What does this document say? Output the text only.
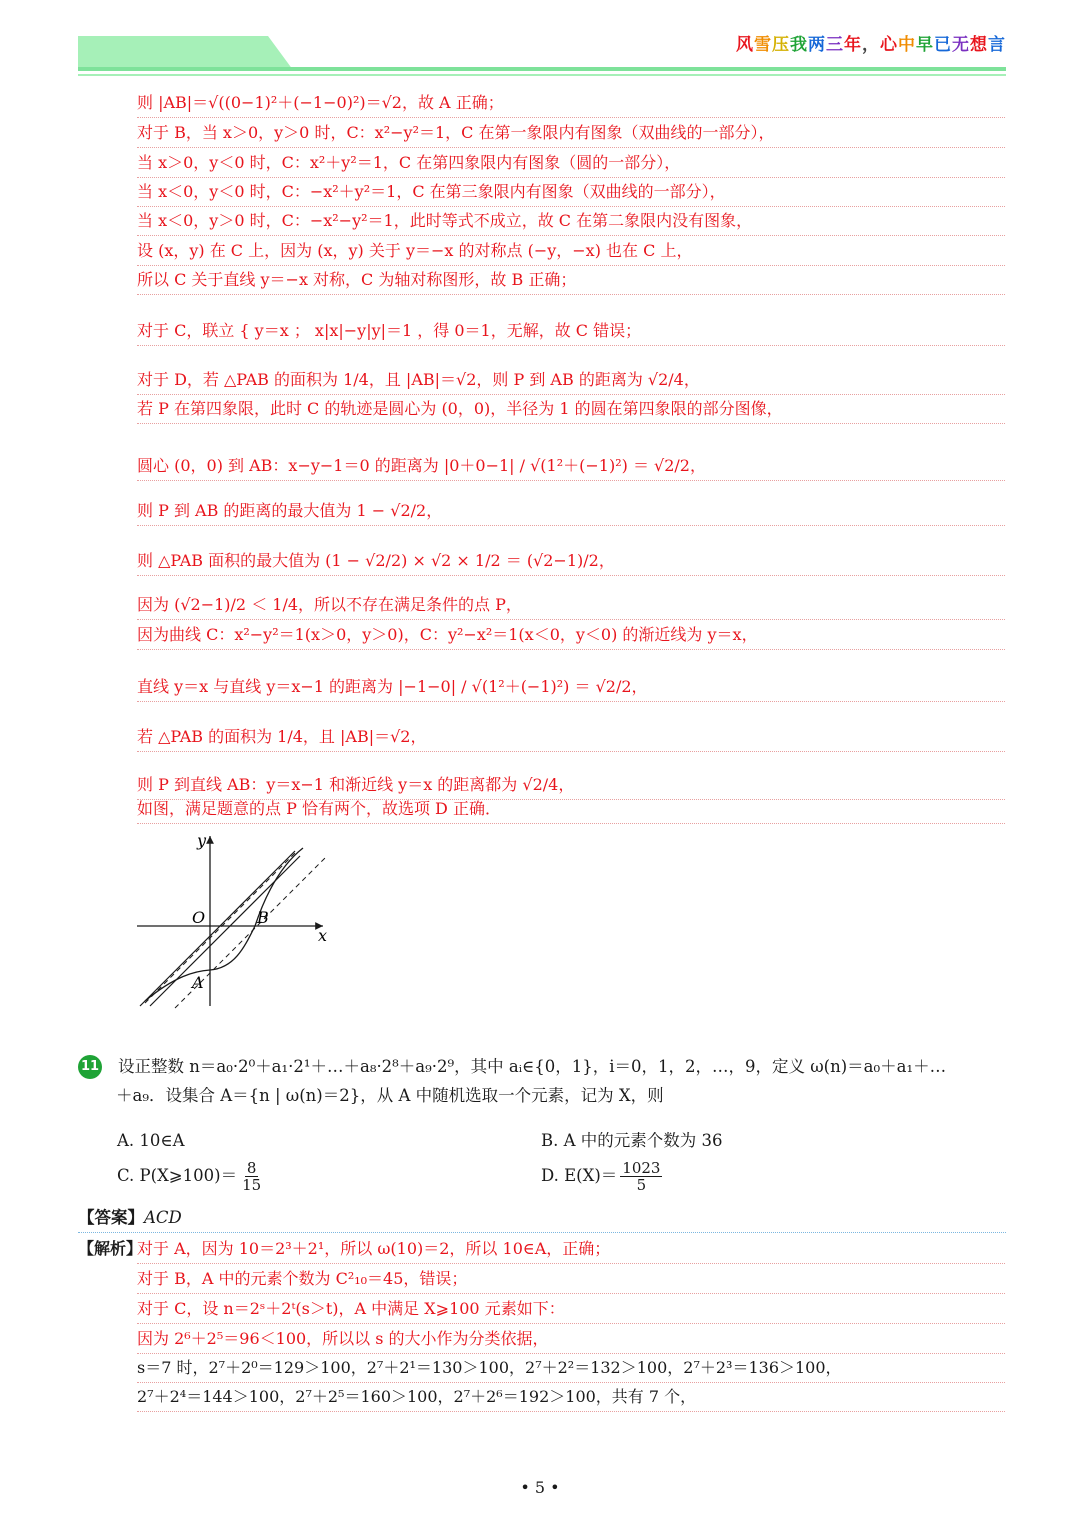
风雪压我两三年，心中早已无想言
则 |AB|＝√((0−1)²＋(−1−0)²)＝√2，故 A 正确；
对于 B，当 x＞0，y＞0 时，C：x²−y²＝1，C 在第一象限内有图象（双曲线的一部分），
当 x＞0，y＜0 时，C：x²＋y²＝1，C 在第四象限内有图象（圆的一部分），
当 x＜0，y＜0 时，C：−x²＋y²＝1，C 在第三象限内有图象（双曲线的一部分），
当 x＜0，y＞0 时，C：−x²−y²＝1，此时等式不成立，故 C 在第二象限内没有图象，
设 (x，y) 在 C 上，因为 (x，y) 关于 y＝−x 的对称点 (−y，−x) 也在 C 上，
所以 C 关于直线 y＝−x 对称，C 为轴对称图形，故 B 正确；
对于 C，联立 { y＝x ； x|x|−y|y|＝1 ，得 0＝1，无解，故 C 错误；
对于 D，若 △PAB 的面积为 1/4，且 |AB|＝√2，则 P 到 AB 的距离为 √2/4，
若 P 在第四象限，此时 C 的轨迹是圆心为 (0，0)，半径为 1 的圆在第四象限的部分图像，
圆心 (0，0) 到 AB：x−y−1＝0 的距离为 |0＋0−1| / √(1²＋(−1)²) ＝ √2/2，
则 P 到 AB 的距离的最大值为 1 − √2/2，
则 △PAB 面积的最大值为 (1 − √2/2) × √2 × 1/2 ＝ (√2−1)/2，
因为 (√2−1)/2 ＜ 1/4，所以不存在满足条件的点 P，
因为曲线 C：x²−y²＝1(x＞0，y＞0)，C：y²−x²＝1(x＜0，y＜0) 的渐近线为 y＝x，
直线 y＝x 与直线 y＝x−1 的距离为 |−1−0| / √(1²＋(−1)²) ＝ √2/2，
若 △PAB 的面积为 1/4，且 |AB|＝√2，
则 P 到直线 AB：y＝x−1 和渐近线 y＝x 的距离都为 √2/4，
如图，满足题意的点 P 恰有两个，故选项 D 正确．
y
x
O	B
A
11 设正整数 n＝a₀·2⁰＋a₁·2¹＋…＋a₈·2⁸＋a₉·2⁹，其中 aᵢ∈{0，1}，i＝0，1，2，…，9，定义 ω(n)＝a₀＋a₁＋…
＋a₉．设集合 A＝{n | ω(n)＝2}，从 A 中随机选取一个元素，记为 X，则
A. 10∈A	B. A 中的元素个数为 36
C. P(X⩾100)＝ $\frac{8}{15}$	D. $E(X)= \frac{1023}{5}$
【答案】ACD
【解析】
对于 A，因为 10＝2³＋2¹，所以 ω(10)＝2，所以 10∈A，正确；
对于 B，A 中的元素个数为 C²₁₀＝45，错误；
对于 C，设 n＝2ˢ＋2ᵗ(s＞t)，A 中满足 X⩾100 元素如下：
因为 2⁶＋2⁵＝96＜100，所以以 s 的大小作为分类依据，
s＝7 时，2⁷＋2⁰＝129＞100，2⁷＋2¹＝130＞100，2⁷＋2²＝132＞100，2⁷＋2³＝136＞100，
2⁷＋2⁴＝144＞100，2⁷＋2⁵＝160＞100，2⁷＋2⁶＝192＞100，共有 7 个，
• 5 •
